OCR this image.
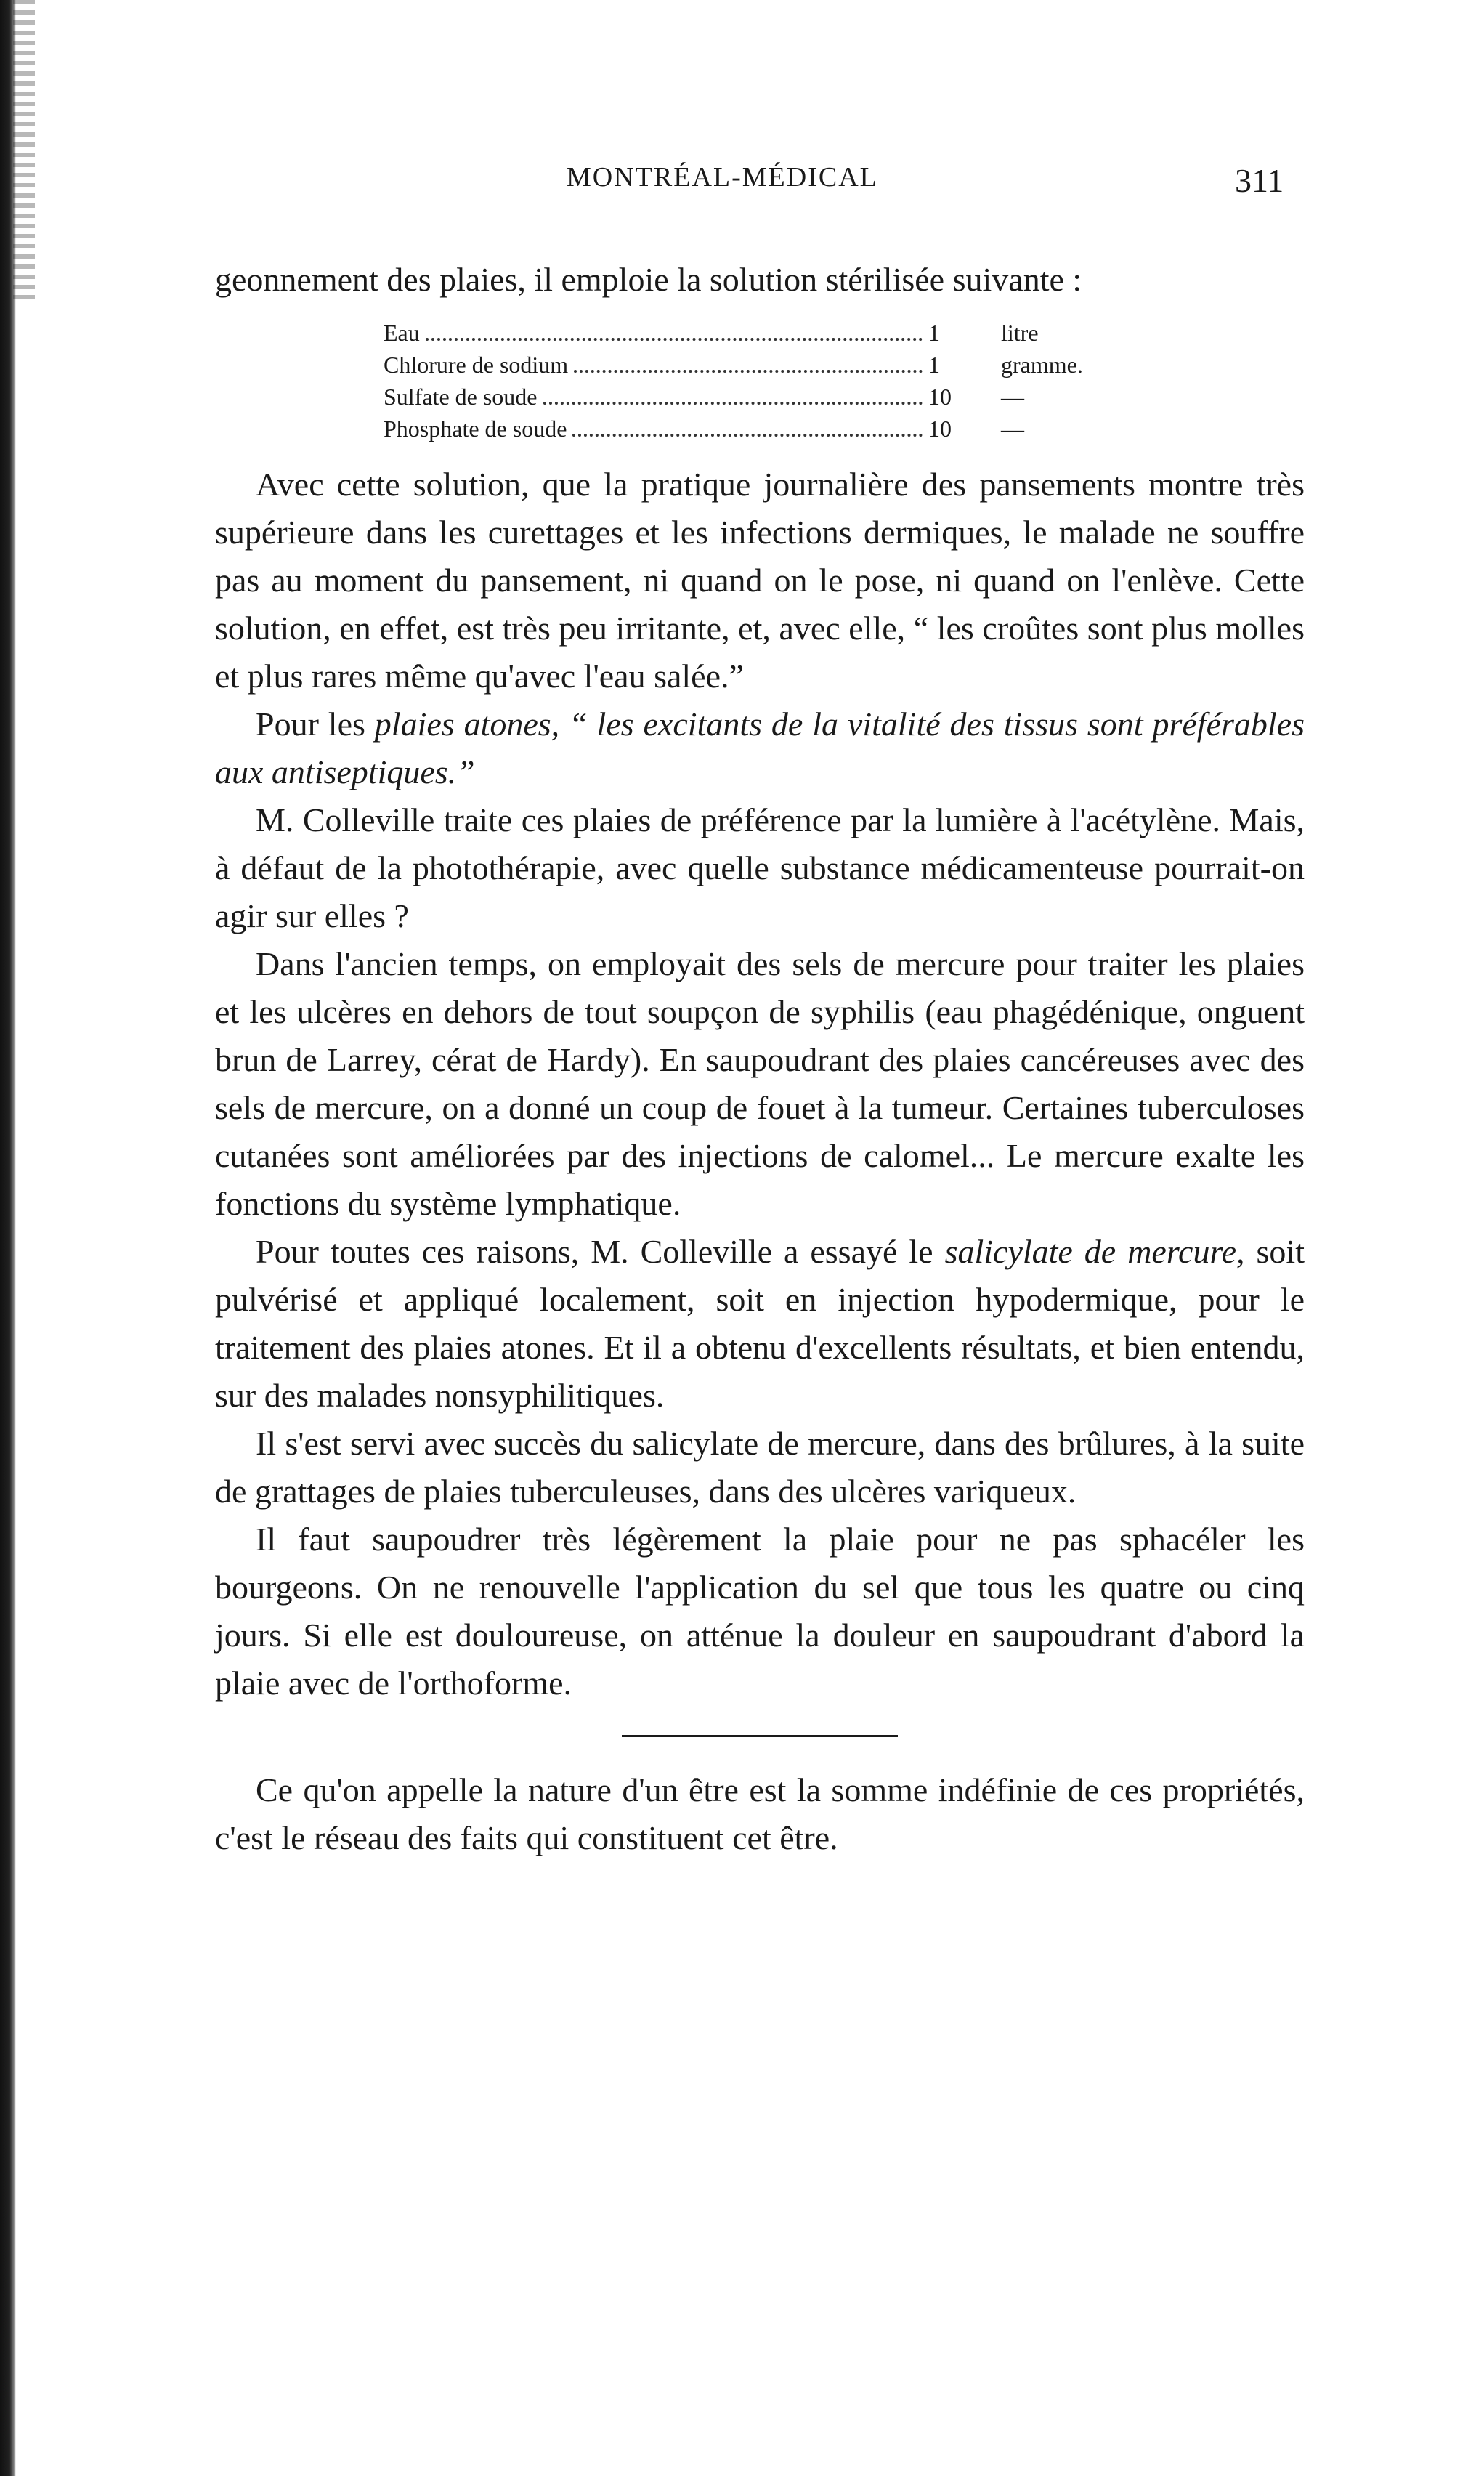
MONTRÉAL-MÉDICAL	311

geonnement des plaies, il emploie la solution stérilisée suivante :

Eau	1	litre
Chlorure de sodium	1	gramme.
Sulfate de soude	10	—
Phosphate de soude	10	—

Avec cette solution, que la pratique journalière des pansements montre très supérieure dans les curettages et les infections dermiques, le malade ne souffre pas au moment du pansement, ni quand on le pose, ni quand on l'enlève. Cette solution, en effet, est très peu irritante, et, avec elle, “ les croûtes sont plus molles et plus rares même qu'avec l'eau salée.”

Pour les plaies atones, “ les excitants de la vitalité des tissus sont préférables aux antiseptiques.”

M. Colleville traite ces plaies de préférence par la lumière à l'acétylène. Mais, à défaut de la photothérapie, avec quelle substance médicamenteuse pourrait-on agir sur elles ?

Dans l'ancien temps, on employait des sels de mercure pour traiter les plaies et les ulcères en dehors de tout soupçon de syphilis (eau phagédénique, onguent brun de Larrey, cérat de Hardy). En saupoudrant des plaies cancéreuses avec des sels de mercure, on a donné un coup de fouet à la tumeur. Certaines tuberculoses cutanées sont améliorées par des injections de calomel... Le mercure exalte les fonctions du système lymphatique.

Pour toutes ces raisons, M. Colleville a essayé le salicylate de mercure, soit pulvérisé et appliqué localement, soit en injection hypodermique, pour le traitement des plaies atones. Et il a obtenu d'excellents résultats, et bien entendu, sur des malades nonsyphilitiques.

Il s'est servi avec succès du salicylate de mercure, dans des brûlures, à la suite de grattages de plaies tuberculeuses, dans des ulcères variqueux.

Il faut saupoudrer très légèrement la plaie pour ne pas sphacéler les bourgeons. On ne renouvelle l'application du sel que tous les quatre ou cinq jours. Si elle est douloureuse, on atténue la douleur en saupoudrant d'abord la plaie avec de l'orthoforme.

Ce qu'on appelle la nature d'un être est la somme indéfinie de ces propriétés, c'est le réseau des faits qui constituent cet être.
